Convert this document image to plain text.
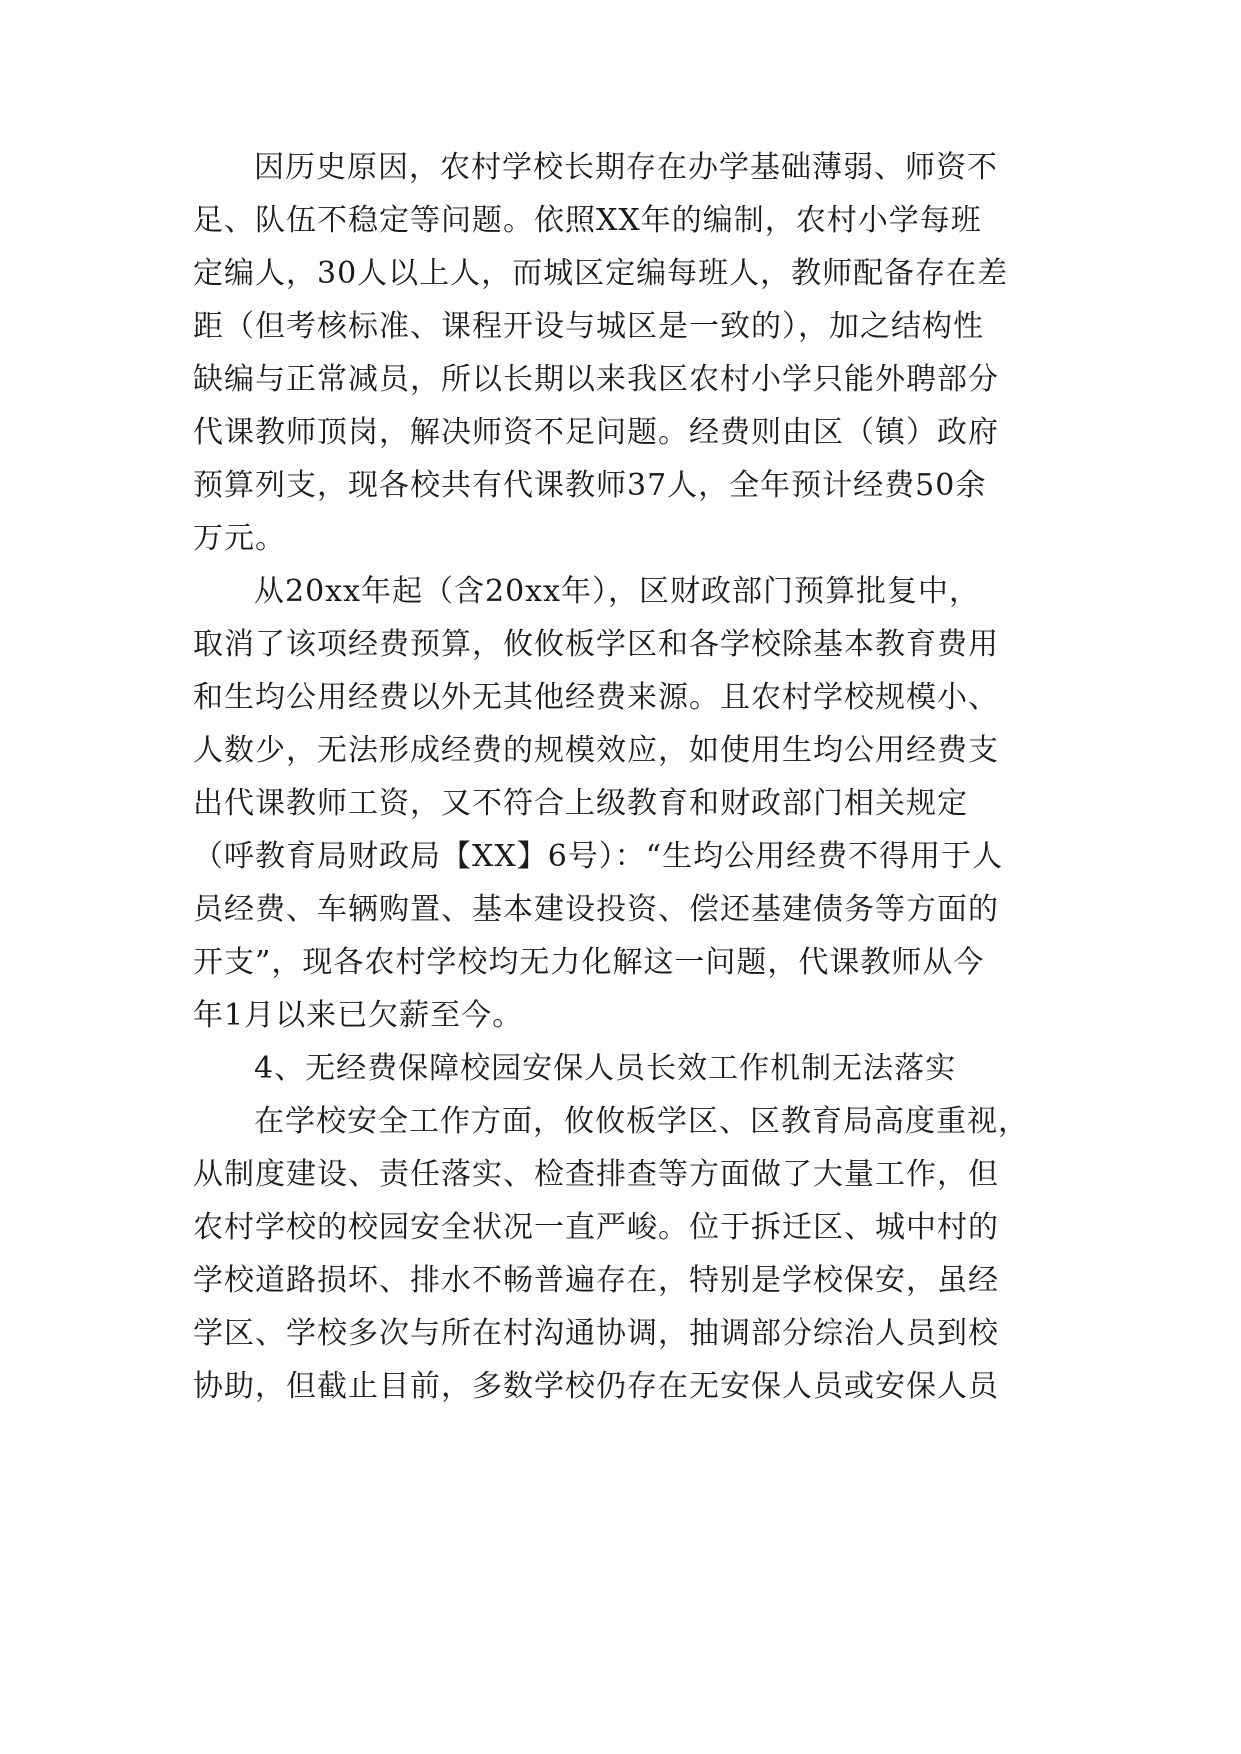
因历史原因，农村学校长期存在办学基础薄弱、师资不
足、队伍不稳定等问题。依照XX年的编制，农村小学每班
定编人，30人以上人，而城区定编每班人，教师配备存在差
距（但考核标准、课程开设与城区是一致的），加之结构性
缺编与正常减员，所以长期以来我区农村小学只能外聘部分
代课教师顶岗，解决师资不足问题。经费则由区（镇）政府
预算列支，现各校共有代课教师37人，全年预计经费50余
万元。
从20xx年起（含20xx年），区财政部门预算批复中，
取消了该项经费预算，攸攸板学区和各学校除基本教育费用
和生均公用经费以外无其他经费来源。且农村学校规模小、
人数少，无法形成经费的规模效应，如使用生均公用经费支
出代课教师工资，又不符合上级教育和财政部门相关规定
（呼教育局财政局【XX】6号）：“生均公用经费不得用于人
员经费、车辆购置、基本建设投资、偿还基建债务等方面的
开支”，现各农村学校均无力化解这一问题，代课教师从今
年1月以来已欠薪至今。
4、无经费保障校园安保人员长效工作机制无法落实
在学校安全工作方面，攸攸板学区、区教育局高度重视，
从制度建设、责任落实、检查排查等方面做了大量工作，但
农村学校的校园安全状况一直严峻。位于拆迁区、城中村的
学校道路损坏、排水不畅普遍存在，特别是学校保安，虽经
学区、学校多次与所在村沟通协调，抽调部分综治人员到校
协助，但截止目前，多数学校仍存在无安保人员或安保人员
